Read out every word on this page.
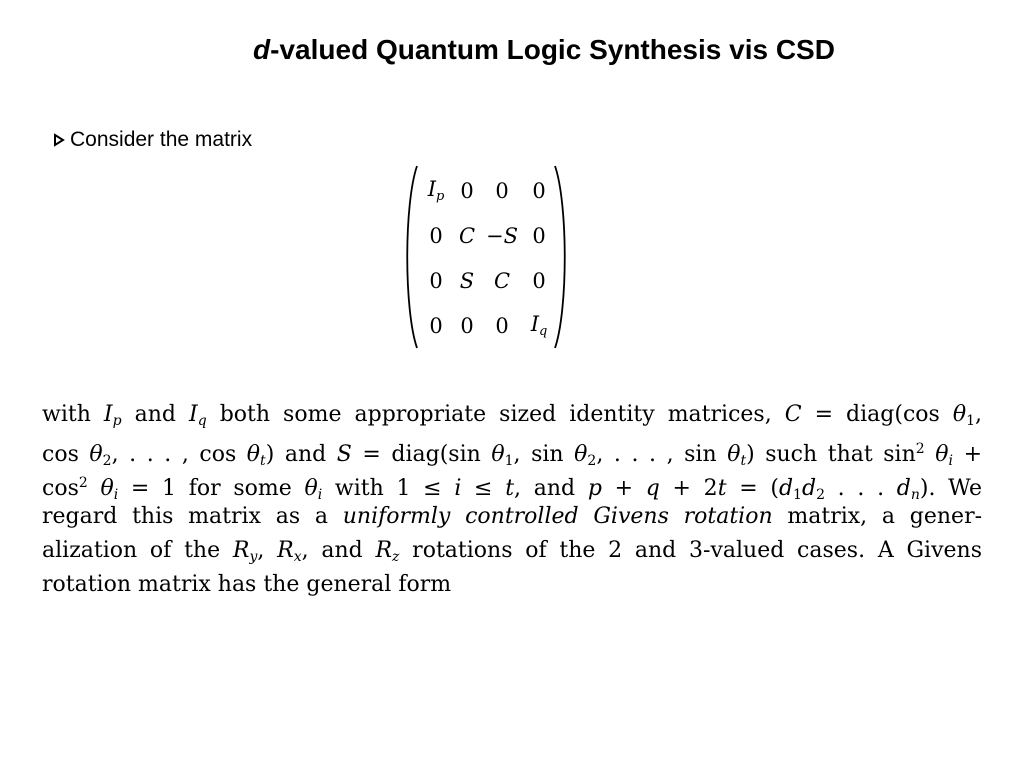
d-valued Quantum Logic Synthesis vis CSD
Consider the matrix
$I_p$ 0 0 0
0 C −S 0
0 S C 0
0 0 0 $I_q$
with $I_p$ and $I_q$ both some appropriate sized identity matrices, C = diag(cos $\theta_1$,
$\cos \theta_2$, . . . , $\cos \theta_t$) and S = diag(sin $\theta_1$, $\sin \theta_2$, . . . , $\sin \theta_t$) such that $\sin^2 \theta_i$ +
$\cos^2 \theta_i = 1$ for some $\theta_i$ with 1 ≤ i ≤ t, and $p + q + 2t = (d_1d_2$ . . . $d_n$). We
regard this matrix as a uniformly controlled Givens rotation matrix, a gener-
alization of the $R_y$, $R_x$, and $R_z$ rotations of the 2 and 3-valued cases. A Givens
rotation matrix has the general form
